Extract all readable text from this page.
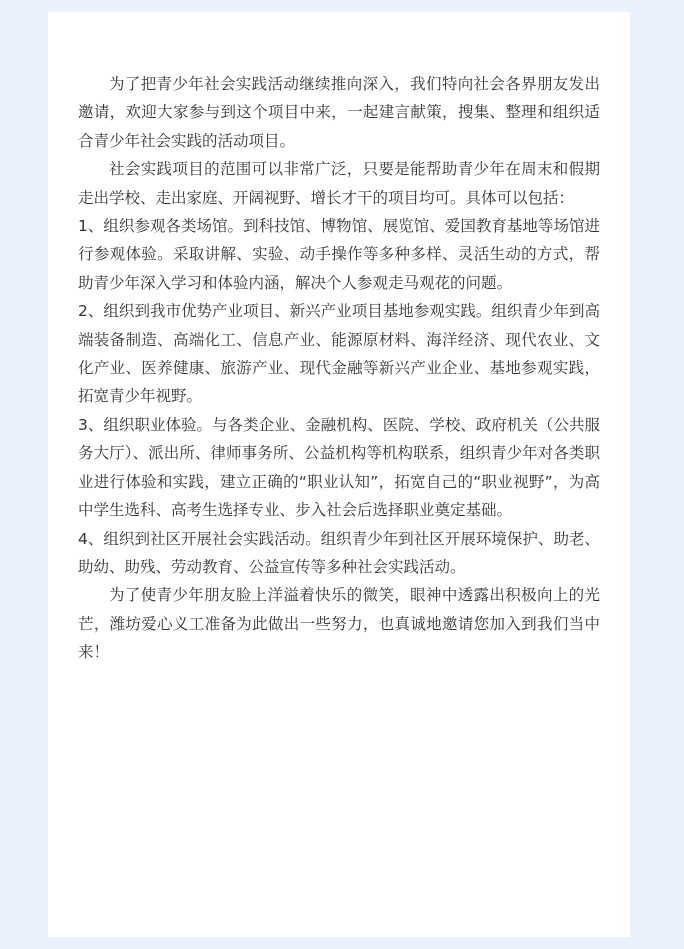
为了把青少年社会实践活动继续推向深入，我们特向社会各界朋友发出邀请，欢迎大家参与到这个项目中来，一起建言献策，搜集、整理和组织适合青少年社会实践的活动项目。

社会实践项目的范围可以非常广泛，只要是能帮助青少年在周末和假期走出学校、走出家庭、开阔视野、增长才干的项目均可。具体可以包括：

1、组织参观各类场馆。到科技馆、博物馆、展览馆、爱国教育基地等场馆进行参观体验。采取讲解、实验、动手操作等多种多样、灵活生动的方式，帮助青少年深入学习和体验内涵，解决个人参观走马观花的问题。

2、组织到我市优势产业项目、新兴产业项目基地参观实践。组织青少年到高端装备制造、高端化工、信息产业、能源原材料、海洋经济、现代农业、文化产业、医养健康、旅游产业、现代金融等新兴产业企业、基地参观实践，拓宽青少年视野。

3、组织职业体验。与各类企业、金融机构、医院、学校、政府机关（公共服务大厅）、派出所、律师事务所、公益机构等机构联系，组织青少年对各类职业进行体验和实践，建立正确的“职业认知”，拓宽自己的“职业视野”，为高中学生选科、高考生选择专业、步入社会后选择职业奠定基础。

4、组织到社区开展社会实践活动。组织青少年到社区开展环境保护、助老、助幼、助残、劳动教育、公益宣传等多种社会实践活动。

为了使青少年朋友脸上洋溢着快乐的微笑，眼神中透露出积极向上的光芒，潍坊爱心义工准备为此做出一些努力，也真诚地邀请您加入到我们当中来！
